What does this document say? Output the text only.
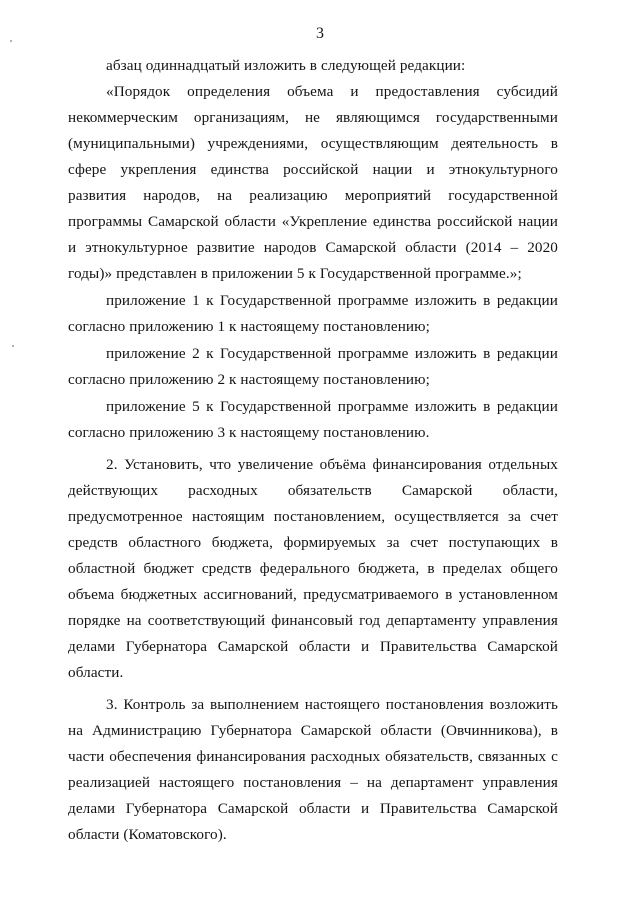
3

абзац одиннадцатый изложить в следующей редакции:

«Порядок определения объема и предоставления субсидий некоммерческим организациям, не являющимся государственными (муниципальными) учреждениями, осуществляющим деятельность в сфере укрепления единства российской нации и этнокультурного развития народов, на реализацию мероприятий государственной программы Самарской области «Укрепление единства российской нации и этнокультурное развитие народов Самарской области (2014 – 2020 годы)» представлен в приложении 5 к Государственной программе.»;

приложение 1 к Государственной программе изложить в редакции согласно приложению 1 к настоящему постановлению;

приложение 2 к Государственной программе изложить в редакции согласно приложению 2 к настоящему постановлению;

приложение 5 к Государственной программе изложить в редакции согласно приложению 3 к настоящему постановлению.

2. Установить, что увеличение объёма финансирования отдельных действующих расходных обязательств Самарской области, предусмотренное настоящим постановлением, осуществляется за счет средств областного бюджета, формируемых за счет поступающих в областной бюджет средств федерального бюджета, в пределах общего объема бюджетных ассигнований, предусматриваемого в установленном порядке на соответствующий финансовый год департаменту управления делами Губернатора Самарской области и Правительства Самарской области.

3. Контроль за выполнением настоящего постановления возложить на Администрацию Губернатора Самарской области (Овчинникова), в части обеспечения финансирования расходных обязательств, связанных с реализацией настоящего постановления – на департамент управления делами Губернатора Самарской области и Правительства Самарской области (Коматовского).
